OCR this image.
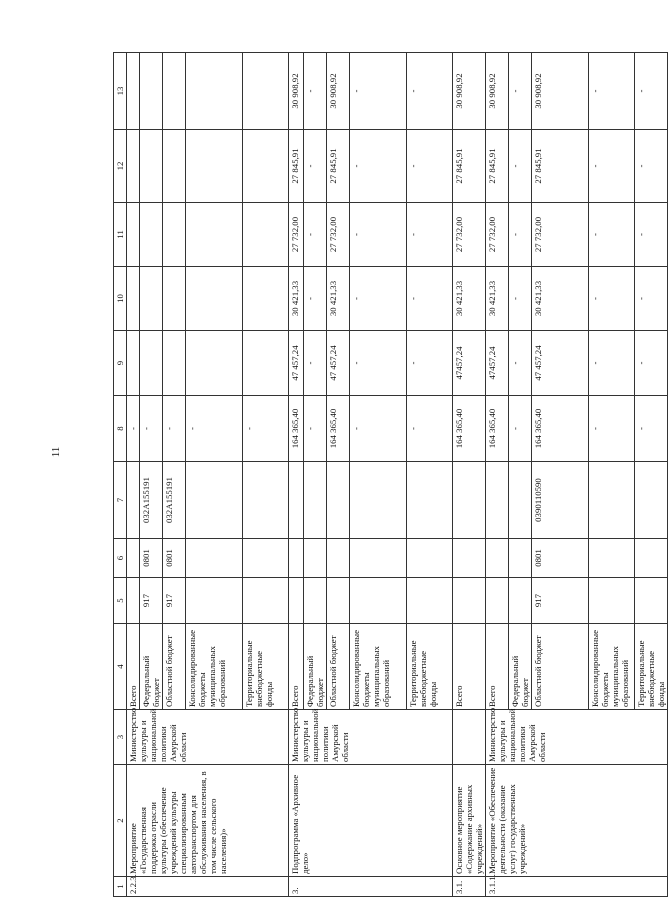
11
1	2	3	4	5	6	7	8	9	10	11	12	13
2.2.3.	Мероприятие «Государственная поддержка отрасли культуры (обеспечение учреждений культуры специализированным автотранспортом для обслуживания населения, в том числе сельского населения)»	Министерство культуры и национальной политики Амурской области	Всего				-					
			Федеральный бюджет	917	0801	032A155191	-					
			Областной бюджет	917	0801	032A155191	-					
			Консолидированные бюджеты муниципальных образований				-					
			Территориальные внебюджетные фонды				-					
3.	Подпрограмма «Архивное дело»	Министерство культуры и национальной политики Амурской области	Всего				164 365,40	47 457,24	30 421,33	27 732,00	27 845,91	30 908,92
			Федеральный бюджет				-	-	-	-	-	-
			Областной бюджет				164 365,40	47 457,24	30 421,33	27 732,00	27 845,91	30 908,92
			Консолидированные бюджеты муниципальных образований				-	-	-	-	-	-
			Территориальные внебюджетные фонды				-	-	-	-	-	-
3.1.	Основное мероприятие «Содержание архивных учреждений»		Всего				164 365,40	47457,24	30 421,33	27 732,00	27 845,91	30 908,92
3.1.1.	Мероприятие «Обеспечение деятельности (оказание услуг) государственных учреждений»	Министерство культуры и национальной политики Амурской области	Всего				164 365,40	47457,24	30 421,33	27 732,00	27 845,91	30 908,92
			Федеральный бюджет				-	-	-	-	-	-
			Областной бюджет	917	0801	0390110590	164 365,40	47 457,24	30 421,33	27 732,00	27 845,91	30 908,92
			Консолидированные бюджеты муниципальных образований				-	-	-	-	-	-
			Территориальные внебюджетные фонды				-	-	-	-	-	-
